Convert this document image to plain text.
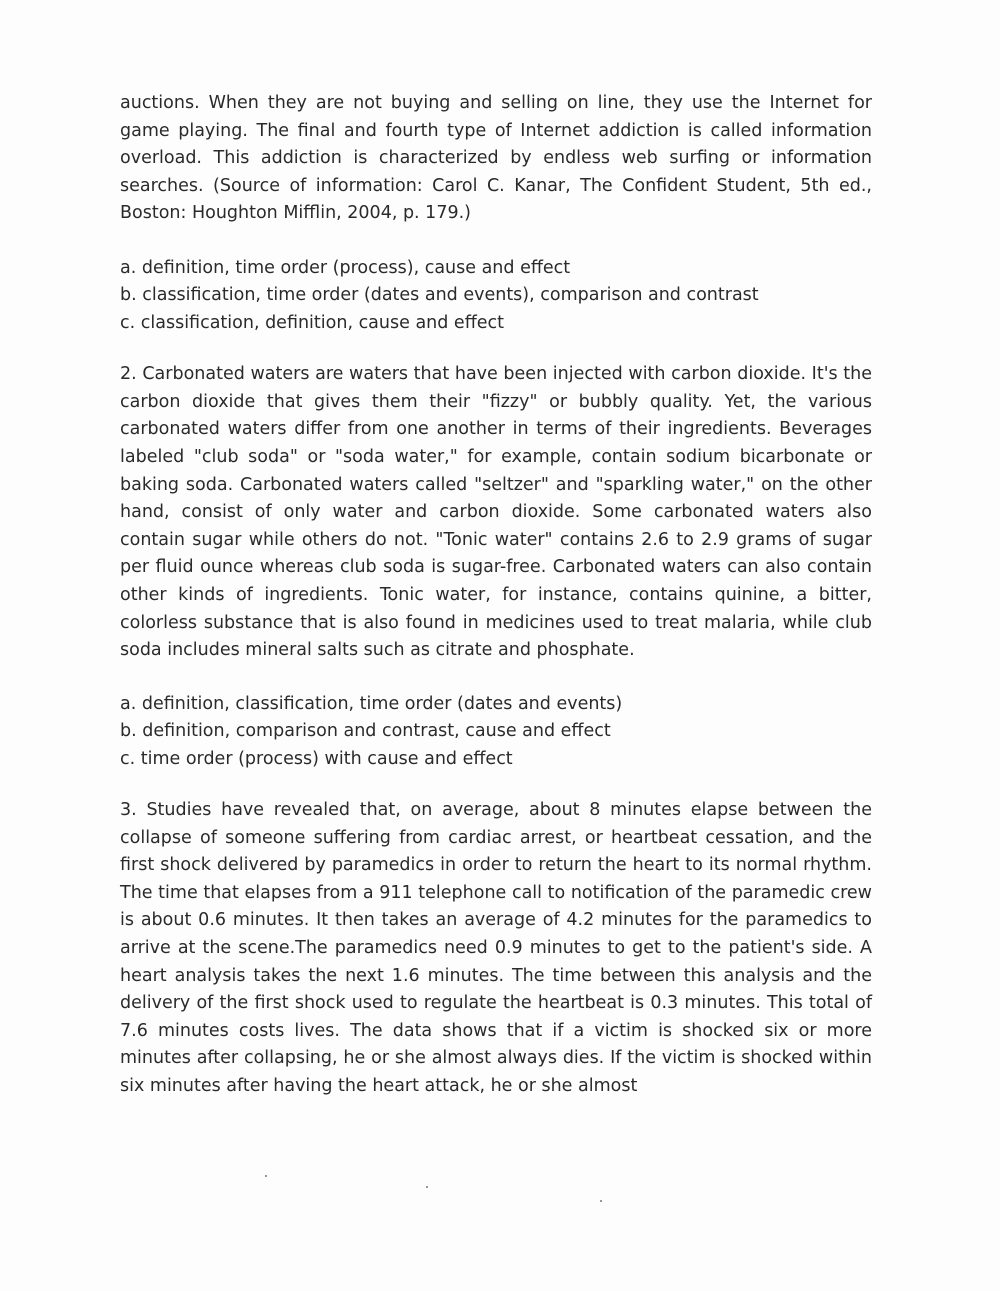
auctions. When they are not buying and selling on line, they use the Internet for game playing. The final and fourth type of Internet addiction is called information overload. This addiction is characterized by endless web surfing or information searches. (Source of information: Carol C. Kanar, The Confident Student, 5th ed., Boston: Houghton Mifflin, 2004, p. 179.)

a. definition, time order (process), cause and effect

b. classification, time order (dates and events), comparison and contrast

c. classification, definition, cause and effect

2. Carbonated waters are waters that have been injected with carbon dioxide. It's the carbon dioxide that gives them their "fizzy" or bubbly quality. Yet, the various carbonated waters differ from one another in terms of their ingredients. Beverages labeled "club soda" or "soda water," for example, contain sodium bicarbonate or baking soda. Carbonated waters called "seltzer" and "sparkling water," on the other hand, consist of only water and carbon dioxide. Some carbonated waters also contain sugar while others do not. "Tonic water" contains 2.6 to 2.9 grams of sugar per fluid ounce whereas club soda is sugar-free. Carbonated waters can also contain other kinds of ingredients. Tonic water, for instance, contains quinine, a bitter, colorless substance that is also found in medicines used to treat malaria, while club soda includes mineral salts such as citrate and phosphate.

a. definition, classification, time order (dates and events)

b. definition, comparison and contrast, cause and effect

c. time order (process) with cause and effect

3. Studies have revealed that, on average, about 8 minutes elapse between the collapse of someone suffering from cardiac arrest, or heartbeat cessation, and the first shock delivered by paramedics in order to return the heart to its normal rhythm. The time that elapses from a 911 telephone call to notification of the paramedic crew is about 0.6 minutes. It then takes an average of 4.2 minutes for the paramedics to arrive at the scene.The paramedics need 0.9 minutes to get to the patient's side. A heart analysis takes the next 1.6 minutes. The time between this analysis and the delivery of the first shock used to regulate the heartbeat is 0.3 minutes. This total of 7.6 minutes costs lives. The data shows that if a victim is shocked six or more minutes after collapsing, he or she almost always dies. If the victim is shocked within six minutes after having the heart attack, he or she almost
